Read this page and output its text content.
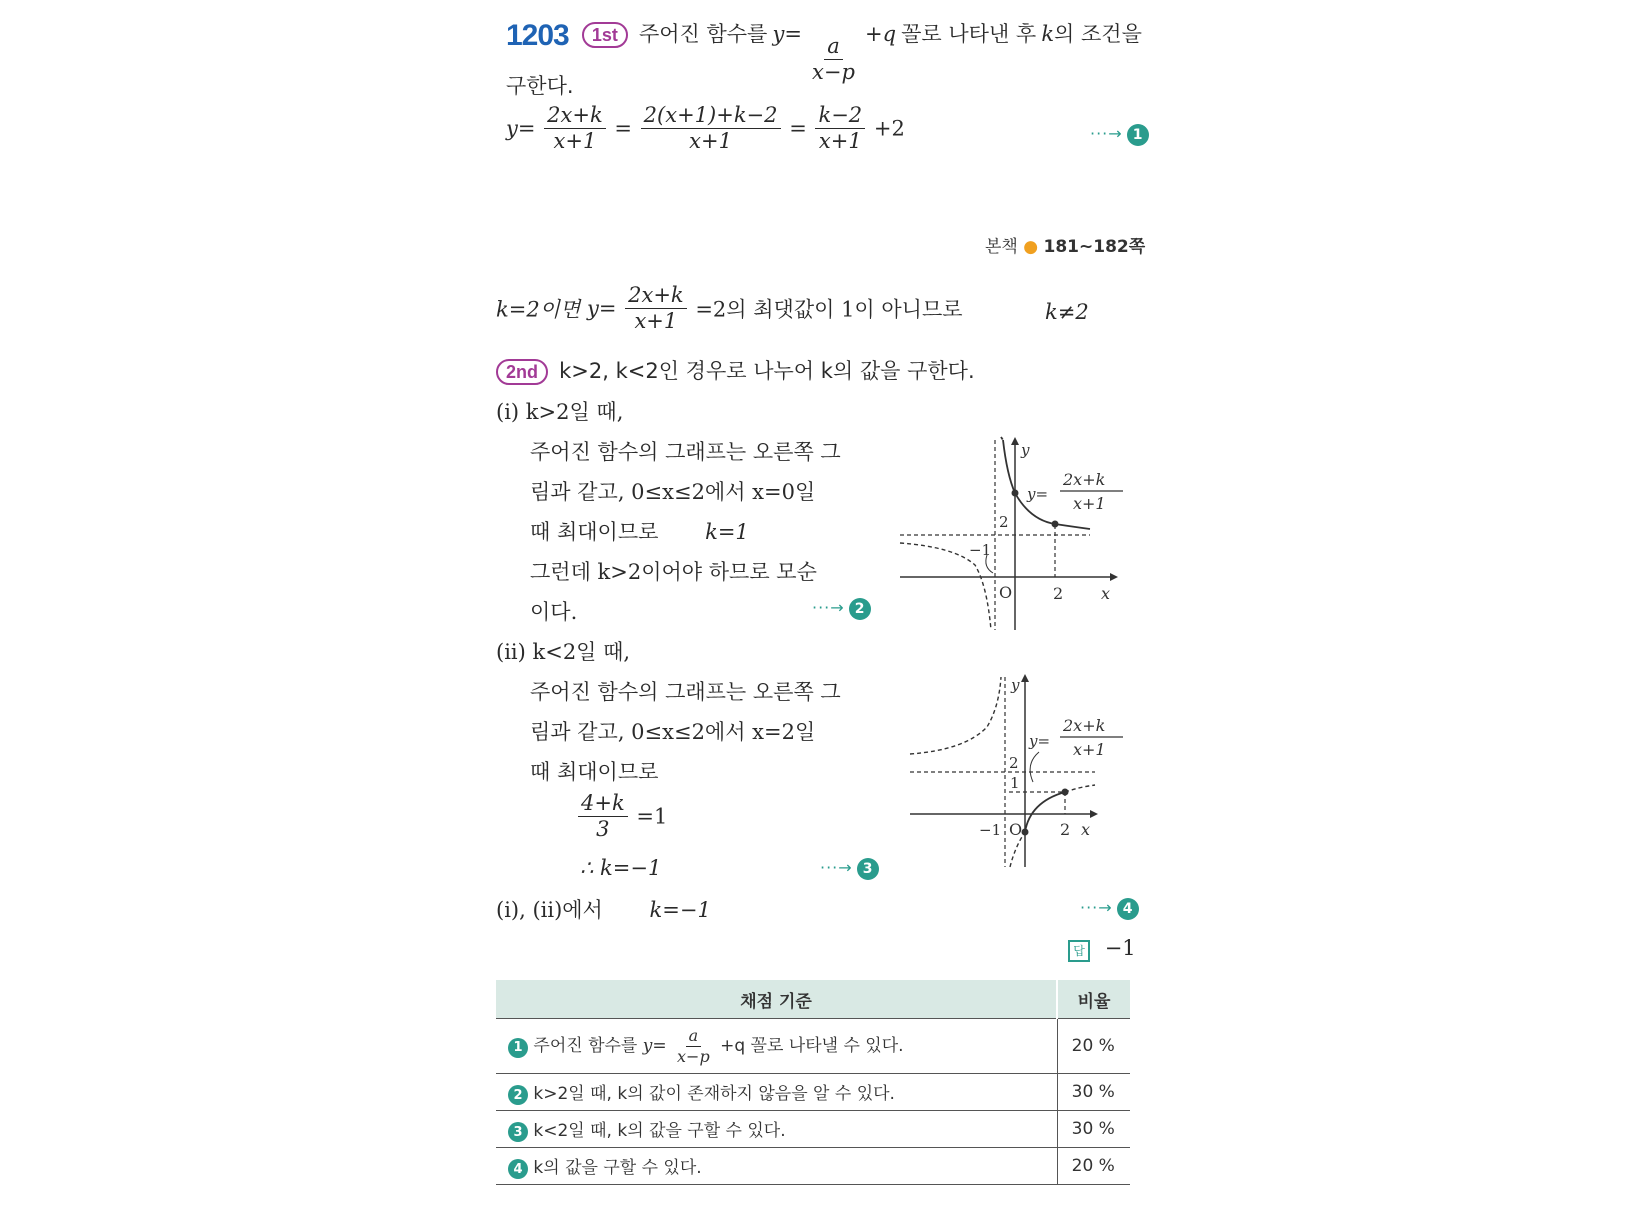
1203 1st 주어진 함수를 y=
$\frac{a}{x-p}$
+q 꼴로 나타낸 후 k의 조건을
구한다.
$y= \frac{2x+k}{x+1} = \frac{2(x+1)+k-2}{x+1} = \frac{k-2}{x+1} +2$	···→ 1
본책 ● 181~182쪽
k=2이면 $y= \frac{2x+k}{x+1} =2$의 최댓값이 1이 아니므로	k≠2
2nd k>2, k<2인 경우로 나누어 k의 값을 구한다.
(i) k>2일 때,
주어진 함수의 그래프는 오른쪽 그
림과 같고, 0≤x≤2에서 x=0일
때 최대이므로 k=1
그런데 k>2이어야 하므로 모순
이다.	···→ 2
y
x
O
2
−1
2
y=
2x+k
x+1
(ii) k<2일 때,
주어진 함수의 그래프는 오른쪽 그
림과 같고, 0≤x≤2에서 x=2일
때 최대이므로
$\frac{4+k}{3} =1$
∴ k=−1	···→ 3
y
x
O
2
1
−1	2
y=
2x+k
x+1
(i), (ii)에서 k=−1	···→ 4
답 −1
채점 기준	비율
1 주어진 함수를 $y= \frac{a}{x-p} +q$ 꼴로 나타낼 수 있다.	20 %
2 k>2일 때, k의 값이 존재하지 않음을 알 수 있다.	30 %
3 k<2일 때, k의 값을 구할 수 있다.	30 %
4 k의 값을 구할 수 있다.	20 %
